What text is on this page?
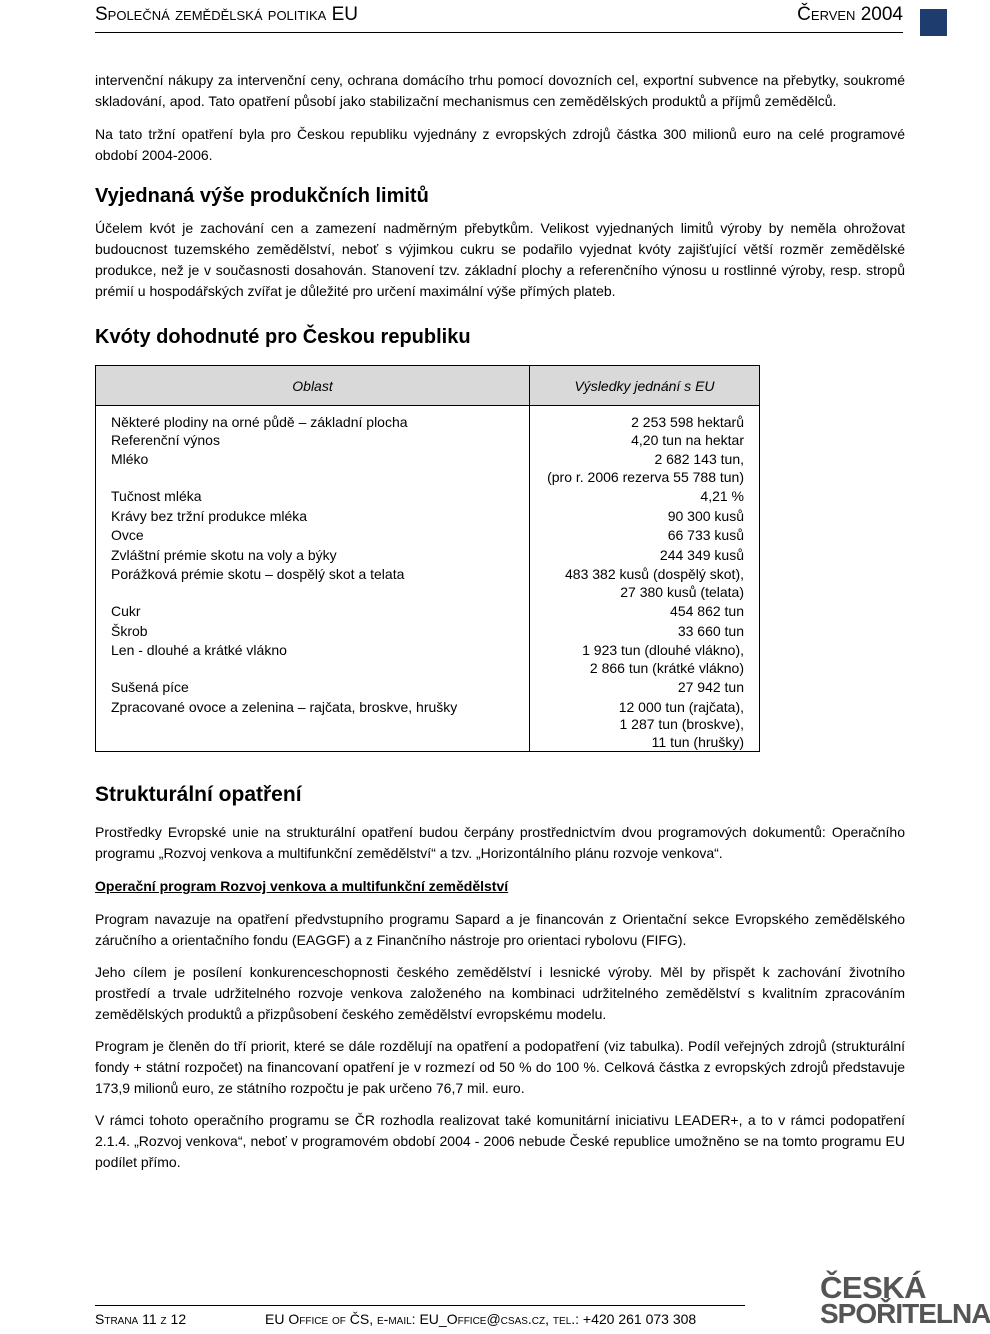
Společná zemědělská politika EU	Červen 2004

intervenční nákupy za intervenční ceny, ochrana domácího trhu pomocí dovozních cel, exportní subvence na přebytky, soukromé skladování, apod. Tato opatření působí jako stabilizační mechanismus cen zemědělských produktů a příjmů zemědělců.

Na tato tržní opatření byla pro Českou republiku vyjednány z evropských zdrojů částka 300 milionů euro na celé programové období 2004-2006.

Vyjednaná výše produkčních limitů

Účelem kvót je zachování cen a zamezení nadměrným přebytkům. Velikost vyjednaných limitů výroby by neměla ohrožovat budoucnost tuzemského zemědělství, neboť s výjimkou cukru se podařilo vyjednat kvóty zajišťující větší rozměr zemědělské produkce, než je v současnosti dosahován. Stanovení tzv. základní plochy a referenčního výnosu u rostlinné výroby, resp. stropů prémií u hospodářských zvířat je důležité pro určení maximální výše přímých plateb.

Kvóty dohodnuté pro Českou republiku
Oblast	Výsledky jednání s EU

Některé plodiny na orné půdě – základní plocha	2 253 598 hektarů
Referenční výnos	4,20 tun na hektar
Mléko	2 682 143 tun,
	(pro r. 2006 rezerva 55 788 tun)
Tučnost mléka	4,21 %
Krávy bez tržní produkce mléka	90 300 kusů
Ovce	66 733 kusů
Zvláštní prémie skotu na voly a býky	244 349 kusů
Porážková prémie skotu – dospělý skot a telata	483 382 kusů (dospělý skot),
	27 380 kusů (telata)
Cukr	454 862 tun
Škrob	33 660 tun
Len - dlouhé a krátké vlákno	1 923 tun (dlouhé vlákno),
	2 866 tun (krátké vlákno)
Sušená píce	27 942 tun
Zpracované ovoce a zelenina – rajčata, broskve, hrušky	12 000 tun (rajčata),
	1 287 tun (broskve),
	11 tun (hrušky)
Strukturální opatření

Prostředky Evropské unie na strukturální opatření budou čerpány prostřednictvím dvou programových dokumentů: Operačního programu „Rozvoj venkova a multifunkční zemědělství“ a tzv. „Horizontálního plánu rozvoje venkova“.

Operační program Rozvoj venkova a multifunkční zemědělství

Program navazuje na opatření předvstupního programu Sapard a je financován z Orientační sekce Evropského zemědělského záručního a orientačního fondu (EAGGF) a z Finančního nástroje pro orientaci rybolovu (FIFG).

Jeho cílem je posílení konkurenceschopnosti českého zemědělství i lesnické výroby. Měl by přispět k zachování životního prostředí a trvale udržitelného rozvoje venkova založeného na kombinaci udržitelného zemědělství s kvalitním zpracováním zemědělských produktů a přizpůsobení českého zemědělství evropskému modelu.

Program je členěn do tří priorit, které se dále rozdělují na opatření a podopatření (viz tabulka). Podíl veřejných zdrojů (strukturální fondy + státní rozpočet) na financovaní opatření je v rozmezí od 50 % do 100 %. Celková částka z evropských zdrojů představuje 173,9 milionů euro, ze státního rozpočtu je pak určeno 76,7 mil. euro.

V rámci tohoto operačního programu se ČR rozhodla realizovat také komunitární iniciativu LEADER+, a to v rámci podopatření 2.1.4. „Rozvoj venkova“, neboť v programovém období 2004 - 2006 nebude České republice umožněno se na tomto programu EU podílet přímo.

Strana 11 z 12	EU Office of ČS, e-mail: EU_Office@csas.cz, tel.: +420 261 073 308
ČESKÁ
SPOŘITELNA
